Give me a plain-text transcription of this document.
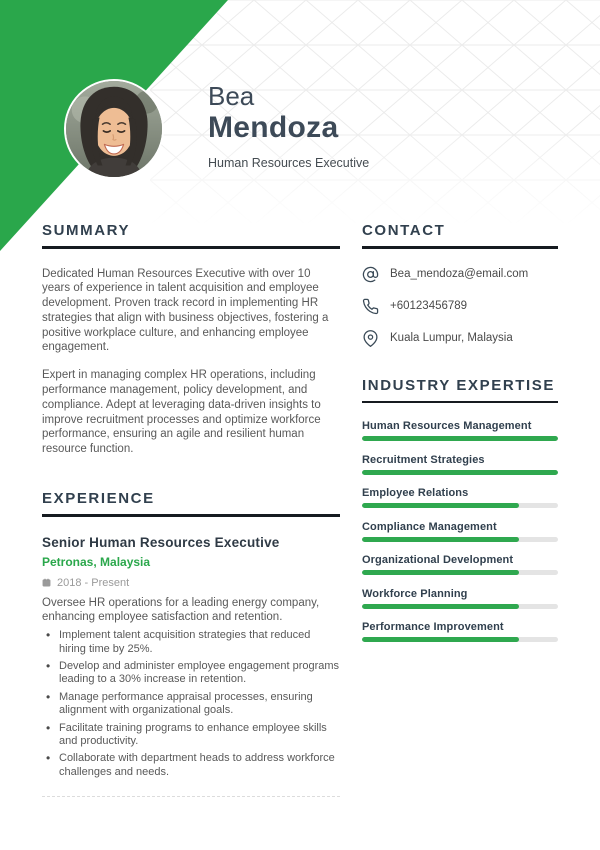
Bea
Mendoza
Human Resources Executive
SUMMARY

Dedicated Human Resources Executive with over 10 years of experience in talent acquisition and employee development. Proven track record in implementing HR strategies that align with business objectives, fostering a positive workplace culture, and enhancing employee engagement.

Expert in managing complex HR operations, including performance management, policy development, and compliance. Adept at leveraging data-driven insights to improve recruitment processes and optimize workforce performance, ensuring an agile and resilient human resource function.

EXPERIENCE
Senior Human Resources Executive
Petronas, Malaysia
2018 - Present

Oversee HR operations for a leading energy company, enhancing employee satisfaction and retention.

• Implement talent acquisition strategies that reduced hiring time by 25%.
• Develop and administer employee engagement programs leading to a 30% increase in retention.
• Manage performance appraisal processes, ensuring alignment with organizational goals.
• Facilitate training programs to enhance employee skills and productivity.
• Collaborate with department heads to address workforce challenges and needs.
CONTACT
Bea_mendoza@email.com
+60123456789
Kuala Lumpur, Malaysia
INDUSTRY EXPERTISE
Human Resources Management
Recruitment Strategies
Employee Relations
Compliance Management
Organizational Development
Workforce Planning
Performance Improvement
